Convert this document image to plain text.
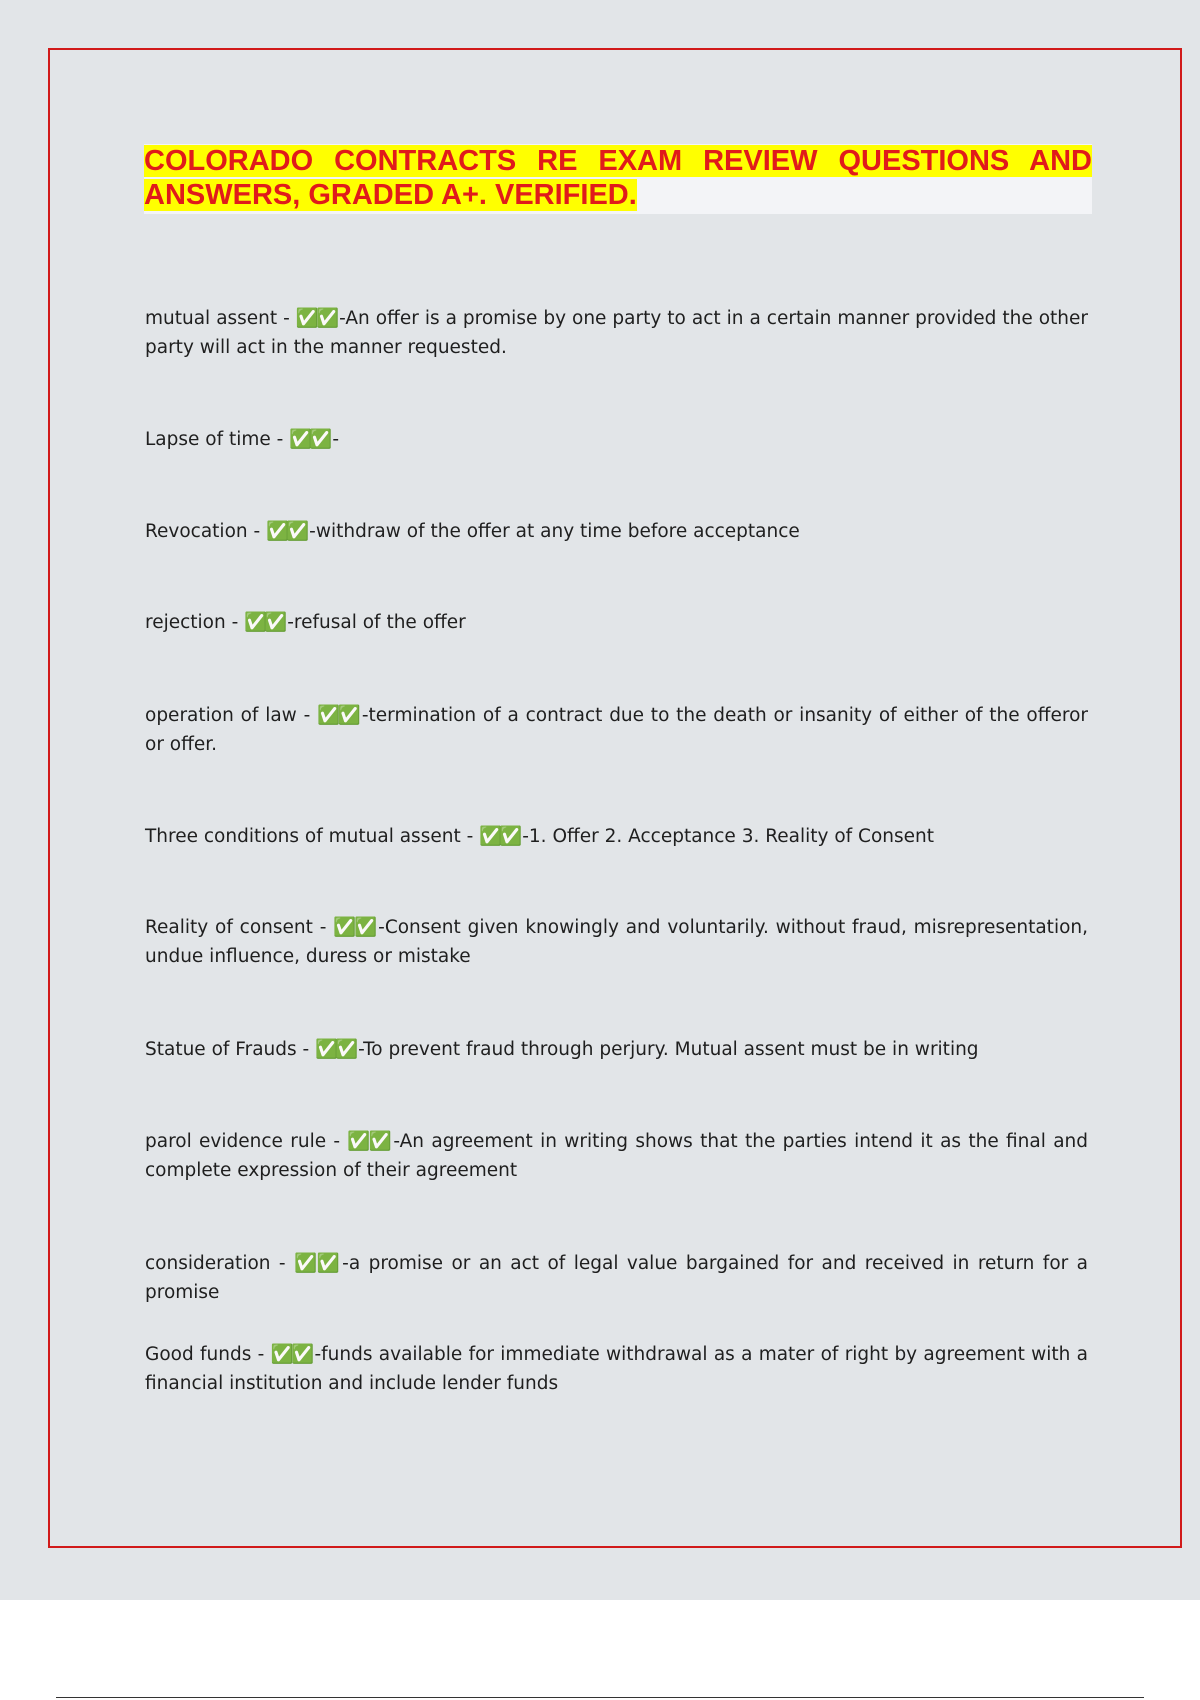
COLORADO CONTRACTS RE EXAM REVIEW QUESTIONS AND ANSWERS, GRADED A+. VERIFIED.

mutual assent - ✅✅ -An offer is a promise by one party to act in a certain manner provided the other party will act in the manner requested.
Lapse of time - ✅✅ -
Revocation - ✅✅ -withdraw of the offer at any time before acceptance
rejection - ✅✅ -refusal of the offer
operation of law - ✅✅ -termination of a contract due to the death or insanity of either of the offeror or offer.
Three conditions of mutual assent - ✅✅ -1. Offer 2. Acceptance 3. Reality of Consent
Reality of consent - ✅✅ -Consent given knowingly and voluntarily. without fraud, misrepresentation, undue influence, duress or mistake
Statue of Frauds - ✅✅ -To prevent fraud through perjury. Mutual assent must be in writing
parol evidence rule - ✅✅ -An agreement in writing shows that the parties intend it as the final and complete expression of their agreement
consideration - ✅✅ -a promise or an act of legal value bargained for and received in return for a promise
Good funds - ✅✅ -funds available for immediate withdrawal as a mater of right by agreement with a financial institution and include lender funds
